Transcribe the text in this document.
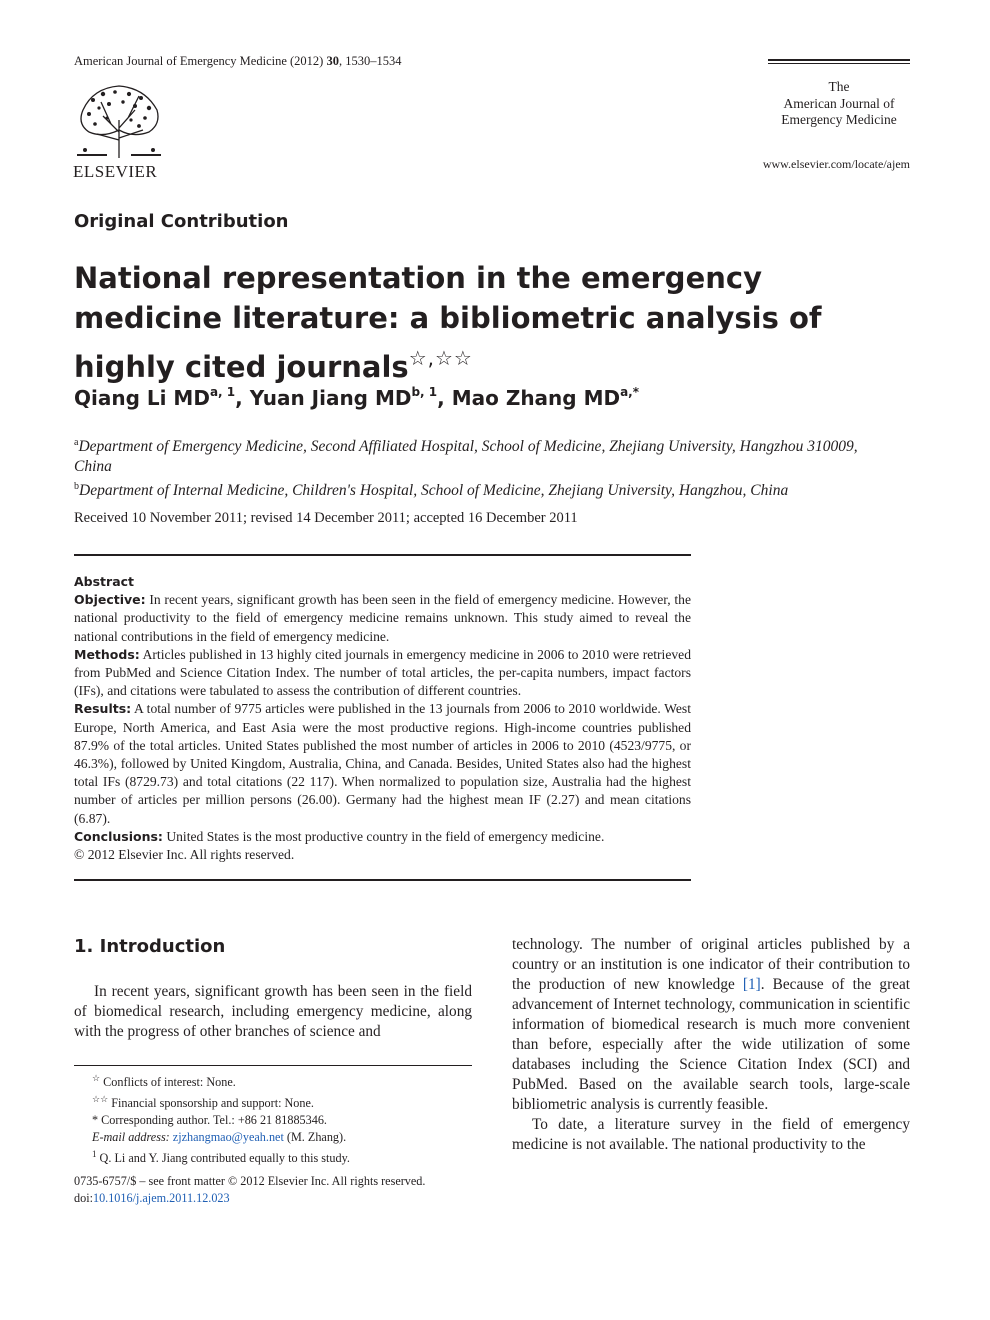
American Journal of Emergency Medicine (2012) 30, 1530–1534
ELSEVIER
The
American Journal of
Emergency Medicine
www.elsevier.com/locate/ajem
Original Contribution
National representation in the emergency medicine literature: a bibliometric analysis of highly cited journals☆,☆☆
Qiang Li MD$^{a, 1}$, Yuan Jiang MD$^{b, 1}$, Mao Zhang $MD^{a,*}$
$^a$Department of Emergency Medicine, Second Affiliated Hospital, School of Medicine, Zhejiang University, Hangzhou 310009, China
$^b$Department of Internal Medicine, Children's Hospital, School of Medicine, Zhejiang University, Hangzhou, China
Received 10 November 2011; revised 14 December 2011; accepted 16 December 2011

Abstract

Objective: In recent years, significant growth has been seen in the field of emergency medicine. However, the national productivity to the field of emergency medicine remains unknown. This study aimed to reveal the national contributions in the field of emergency medicine.

Methods: Articles published in 13 highly cited journals in emergency medicine in 2006 to 2010 were retrieved from PubMed and Science Citation Index. The number of total articles, the per-capita numbers, impact factors (IFs), and citations were tabulated to assess the contribution of different countries.

Results: A total number of 9775 articles were published in the 13 journals from 2006 to 2010 worldwide. West Europe, North America, and East Asia were the most productive regions. High-income countries published 87.9% of the total articles. United States published the most number of articles in 2006 to 2010 (4523/9775, or 46.3%), followed by United Kingdom, Australia, China, and Canada. Besides, United States also had the highest total IFs (8729.73) and total citations (22 117). When normalized to population size, Australia had the highest number of articles per million persons (26.00). Germany had the highest mean IF (2.27) and mean citations (6.87).

Conclusions: United States is the most productive country in the field of emergency medicine.

© 2012 Elsevier Inc. All rights reserved.

1. Introduction

In recent years, significant growth has been seen in the field of biomedical research, including emergency medicine, along with the progress of other branches of science and

☆ Conflicts of interest: None.
☆☆ Financial sponsorship and support: None.
* Corresponding author. Tel.: +86 21 81885346.
E-mail address: zjzhangmao@yeah.net (M. Zhang).
$^1$ Q. Li and Y. Jiang contributed equally to this study.
0735-6757/$ – see front matter © 2012 Elsevier Inc. All rights reserved.
doi:10.1016/j.ajem.2011.12.023

technology. The number of original articles published by a country or an institution is one indicator of their contribution to the production of new knowledge [1]. Because of the great advancement of Internet technology, communication in scientific information of biomedical research is much more convenient than before, especially after the wide utilization of some databases including the Science Citation Index (SCI) and PubMed. Based on the available search tools, large-scale bibliometric analysis is currently feasible.

To date, a literature survey in the field of emergency medicine is not available. The national productivity to the
